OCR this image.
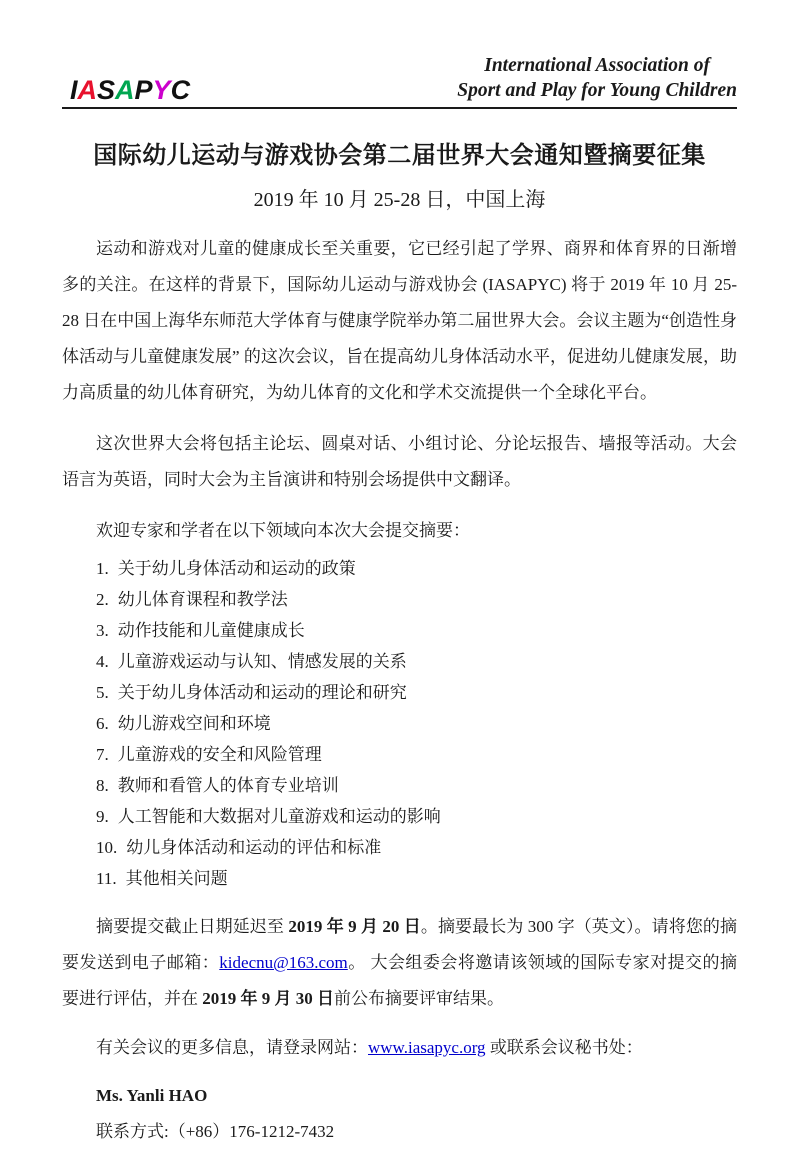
IASAPYC
International Association of
Sport and Play for Young Children
国际幼儿运动与游戏协会第二届世界大会通知暨摘要征集
2019 年 10 月 25-28 日，中国上海

运动和游戏对儿童的健康成长至关重要，它已经引起了学界、商界和体育界的日渐增多的关注。在这样的背景下，国际幼儿运动与游戏协会 (IASAPYC) 将于 2019 年 10 月 25-28 日在中国上海华东师范大学体育与健康学院举办第二届世界大会。会议主题为“创造性身体活动与儿童健康发展” 的这次会议，旨在提高幼儿身体活动水平，促进幼儿健康发展，助力高质量的幼儿体育研究，为幼儿体育的文化和学术交流提供一个全球化平台。

这次世界大会将包括主论坛、圆桌对话、小组讨论、分论坛报告、墙报等活动。大会语言为英语，同时大会为主旨演讲和特别会场提供中文翻译。

欢迎专家和学者在以下领域向本次大会提交摘要：

1. 关于幼儿身体活动和运动的政策
2. 幼儿体育课程和教学法
3. 动作技能和儿童健康成长
4. 儿童游戏运动与认知、情感发展的关系
5. 关于幼儿身体活动和运动的理论和研究
6. 幼儿游戏空间和环境
7. 儿童游戏的安全和风险管理
8. 教师和看管人的体育专业培训
9. 人工智能和大数据对儿童游戏和运动的影响
10. 幼儿身体活动和运动的评估和标准
11. 其他相关问题

摘要提交截止日期延迟至 2019 年 9 月 20 日。摘要最长为 300 字（英文）。请将您的摘要发送到电子邮箱：kidecnu@163.com。 大会组委会将邀请该领域的国际专家对提交的摘要进行评估，并在 2019 年 9 月 30 日前公布摘要评审结果。

有关会议的更多信息，请登录网站：www.iasapyc.org 或联系会议秘书处：

Ms. Yanli HAO

联系方式:（+86）176-1212-7432
